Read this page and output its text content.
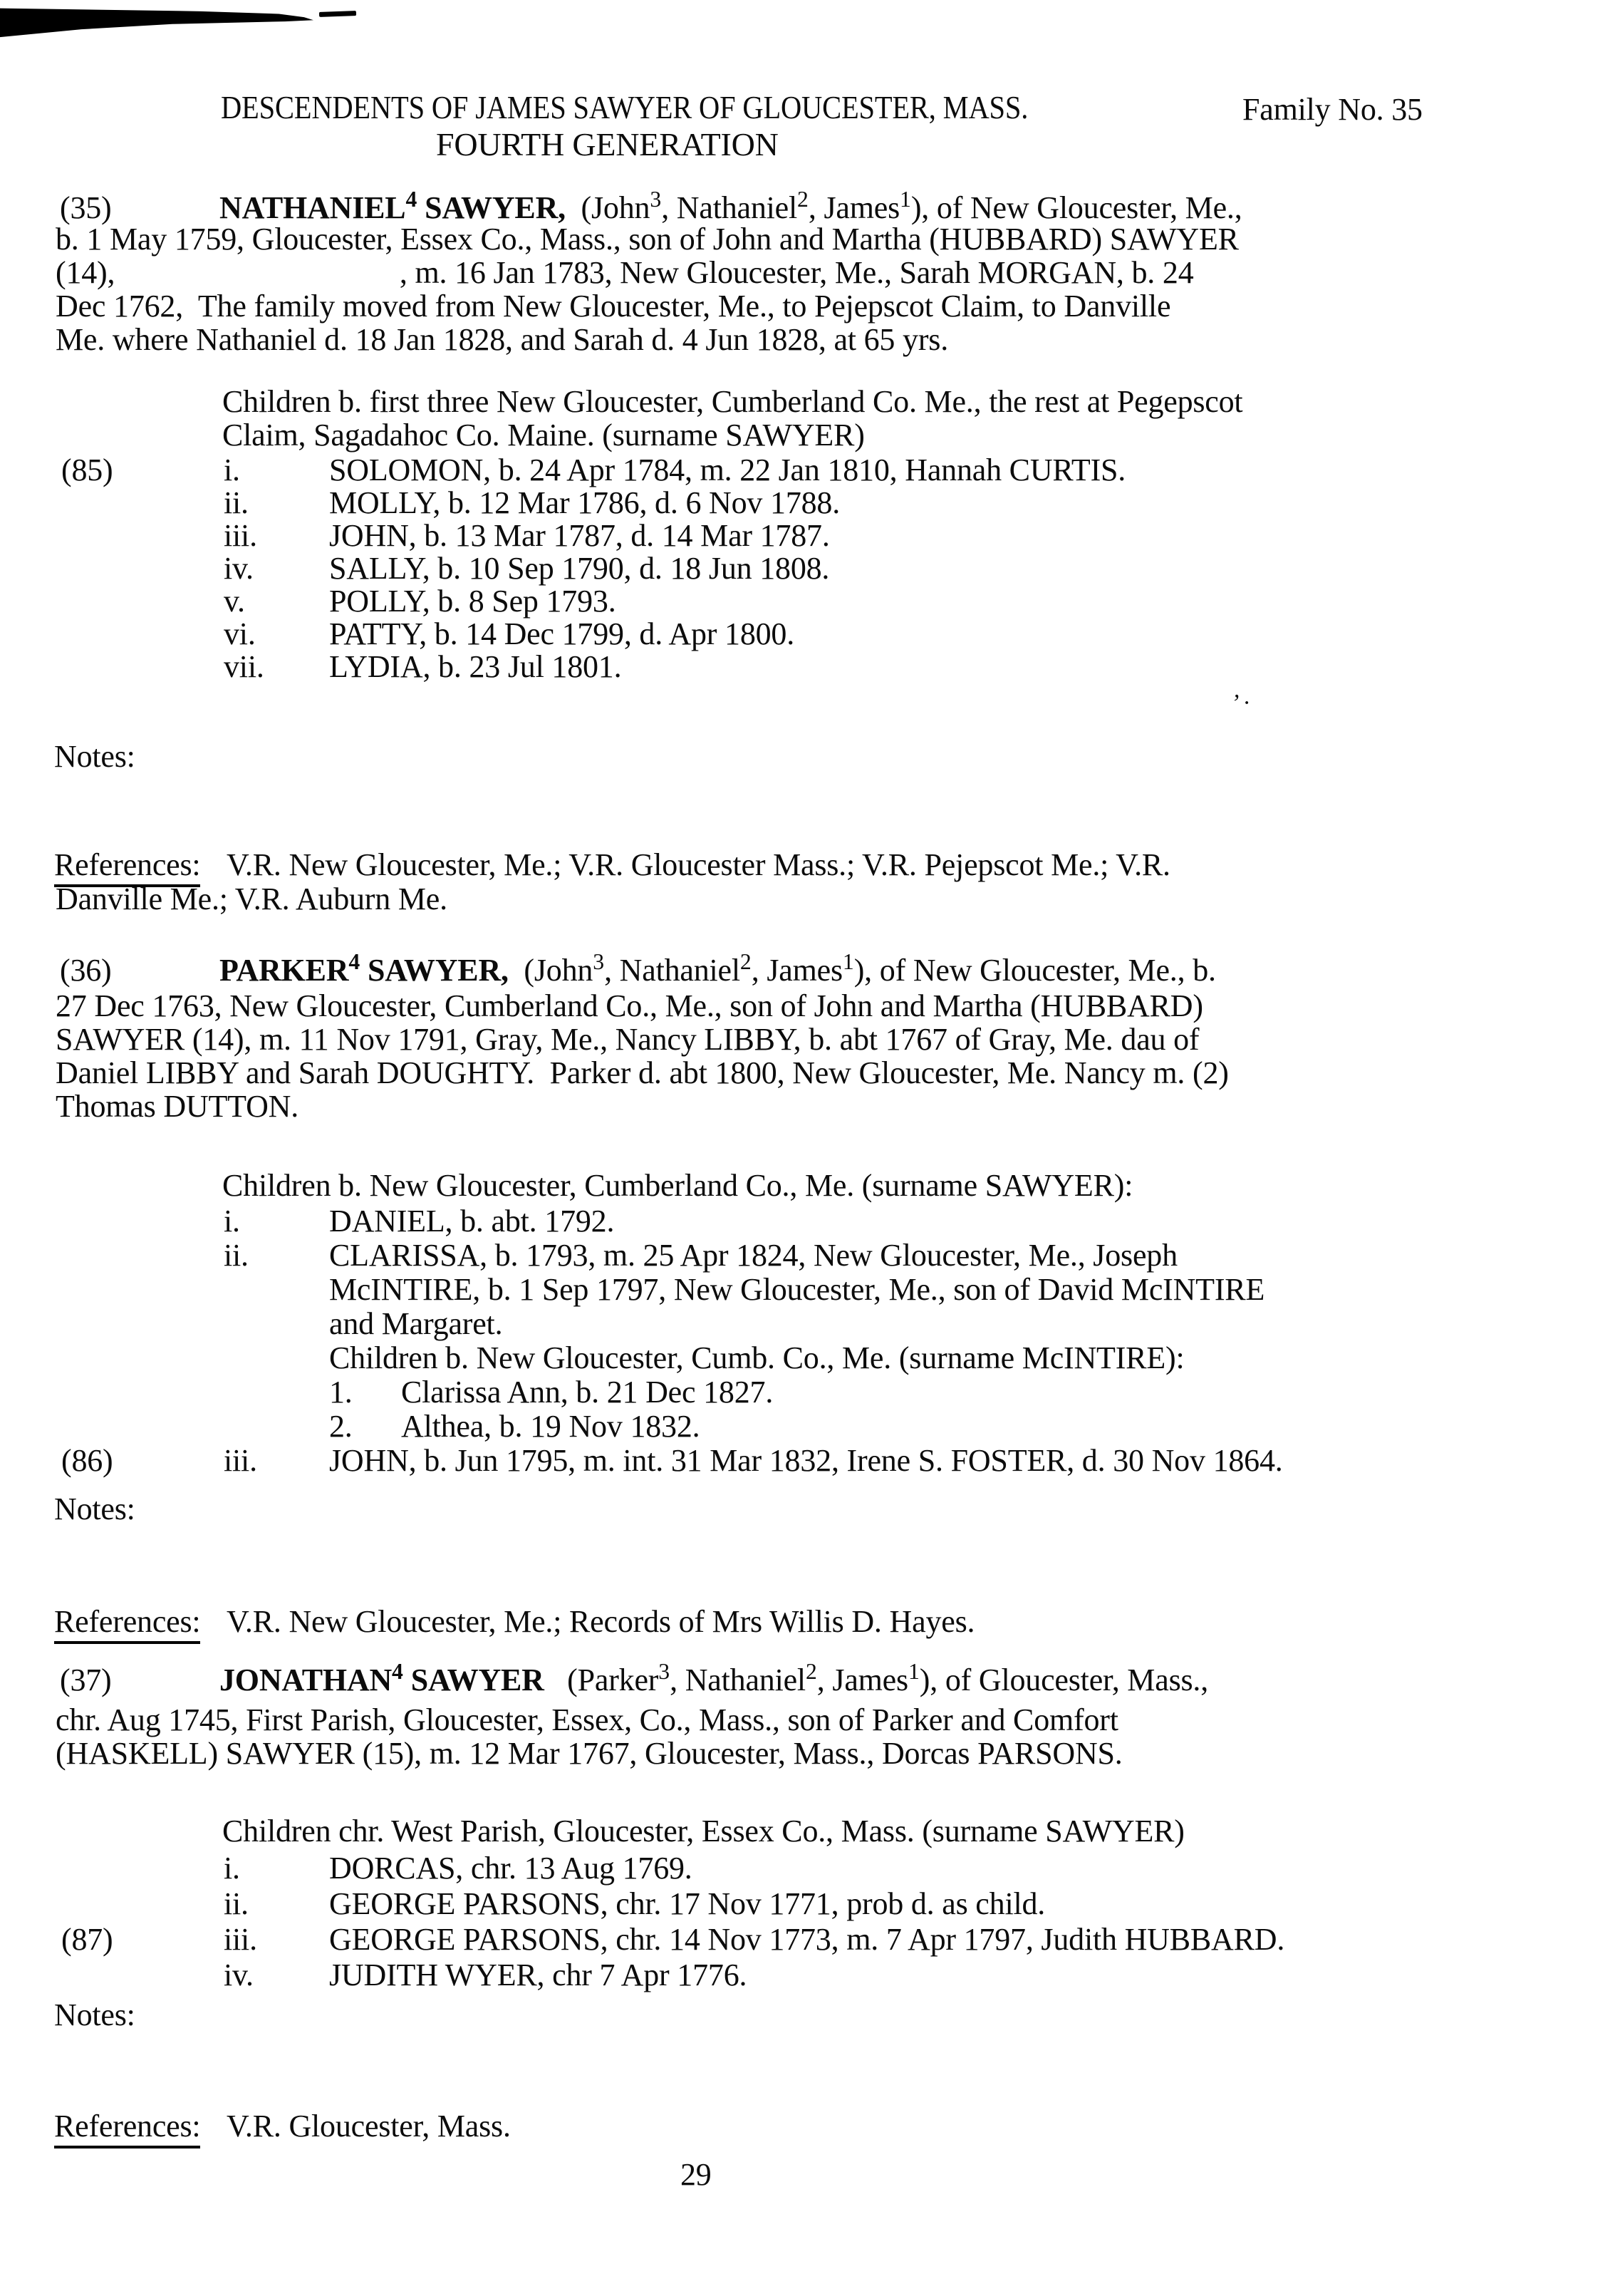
’·
DESCENDENTS OF JAMES SAWYER OF GLOUCESTER, MASS.	Family No. 35
FOURTH GENERATION
(35)	NATHANIEL$^4$ SAWYER,  (John$^3$, Nathaniel$^2$, James$^1$), of New Gloucester, Me.,
b. 1 May 1759, Gloucester, Essex Co., Mass., son of John and Martha (HUBBARD) SAWYER
(14),                                     , m. 16 Jan 1783, New Gloucester, Me., Sarah MORGAN, b. 24
Dec 1762,  The family moved from New Gloucester, Me., to Pejepscot Claim, to Danville
Me. where Nathaniel d. 18 Jan 1828, and Sarah d. 4 Jun 1828, at 65 yrs.
Children b. first three New Gloucester, Cumberland Co. Me., the rest at Pegepscot
Claim, Sagadahoc Co. Maine. (surname SAWYER)
(85)	i.	SOLOMON, b. 24 Apr 1784, m. 22 Jan 1810, Hannah CURTIS.
ii.	MOLLY, b. 12 Mar 1786, d. 6 Nov 1788.
iii. JOHN, b. 13 Mar 1787, d. 14 Mar 1787.
iv. SALLY, b. 10 Sep 1790, d. 18 Jun 1808.
v.	POLLY, b. 8 Sep 1793.
vi. PATTY, b. 14 Dec 1799, d. Apr 1800.
vii. LYDIA, b. 23 Jul 1801.
Notes:
References: V.R. New Gloucester, Me.; V.R. Gloucester Mass.; V.R. Pejepscot Me.; V.R.
Danville Me.; V.R. Auburn Me.
(36)	PARKER$^4$ SAWYER,  (John$^3$, Nathaniel$^2$, James$^1$), of New Gloucester, Me., b.
27 Dec 1763, New Gloucester, Cumberland Co., Me., son of John and Martha (HUBBARD)
SAWYER (14), m. 11 Nov 1791, Gray, Me., Nancy LIBBY, b. abt 1767 of Gray, Me. dau of
Daniel LIBBY and Sarah DOUGHTY.  Parker d. abt 1800, New Gloucester, Me. Nancy m. (2)
Thomas DUTTON.
Children b. New Gloucester, Cumberland Co., Me. (surname SAWYER):
i.	DANIEL, b. abt. 1792.
ii.	CLARISSA, b. 1793, m. 25 Apr 1824, New Gloucester, Me., Joseph
McINTIRE, b. 1 Sep 1797, New Gloucester, Me., son of David McINTIRE
and Margaret.
Children b. New Gloucester, Cumb. Co., Me. (surname McINTIRE):
1. Clarissa Ann, b. 21 Dec 1827.
2. Althea, b. 19 Nov 1832.
(86)	iii. JOHN, b. Jun 1795, m. int. 31 Mar 1832, Irene S. FOSTER, d. 30 Nov 1864.
Notes:
References: V.R. New Gloucester, Me.; Records of Mrs Willis D. Hayes.
(37)	JONATHAN$^4$ SAWYER   (Parker$^3$, Nathaniel$^2$, James$^1$), of Gloucester, Mass.,
chr. Aug 1745, First Parish, Gloucester, Essex, Co., Mass., son of Parker and Comfort
(HASKELL) SAWYER (15), m. 12 Mar 1767, Gloucester, Mass., Dorcas PARSONS.
Children chr. West Parish, Gloucester, Essex Co., Mass. (surname SAWYER)
i.	DORCAS, chr. 13 Aug 1769.
ii.	GEORGE PARSONS, chr. 17 Nov 1771, prob d. as child.
(87)	iii. GEORGE PARSONS, chr. 14 Nov 1773, m. 7 Apr 1797, Judith HUBBARD.
iv. JUDITH WYER, chr 7 Apr 1776.
Notes:
References: V.R. Gloucester, Mass.
29
